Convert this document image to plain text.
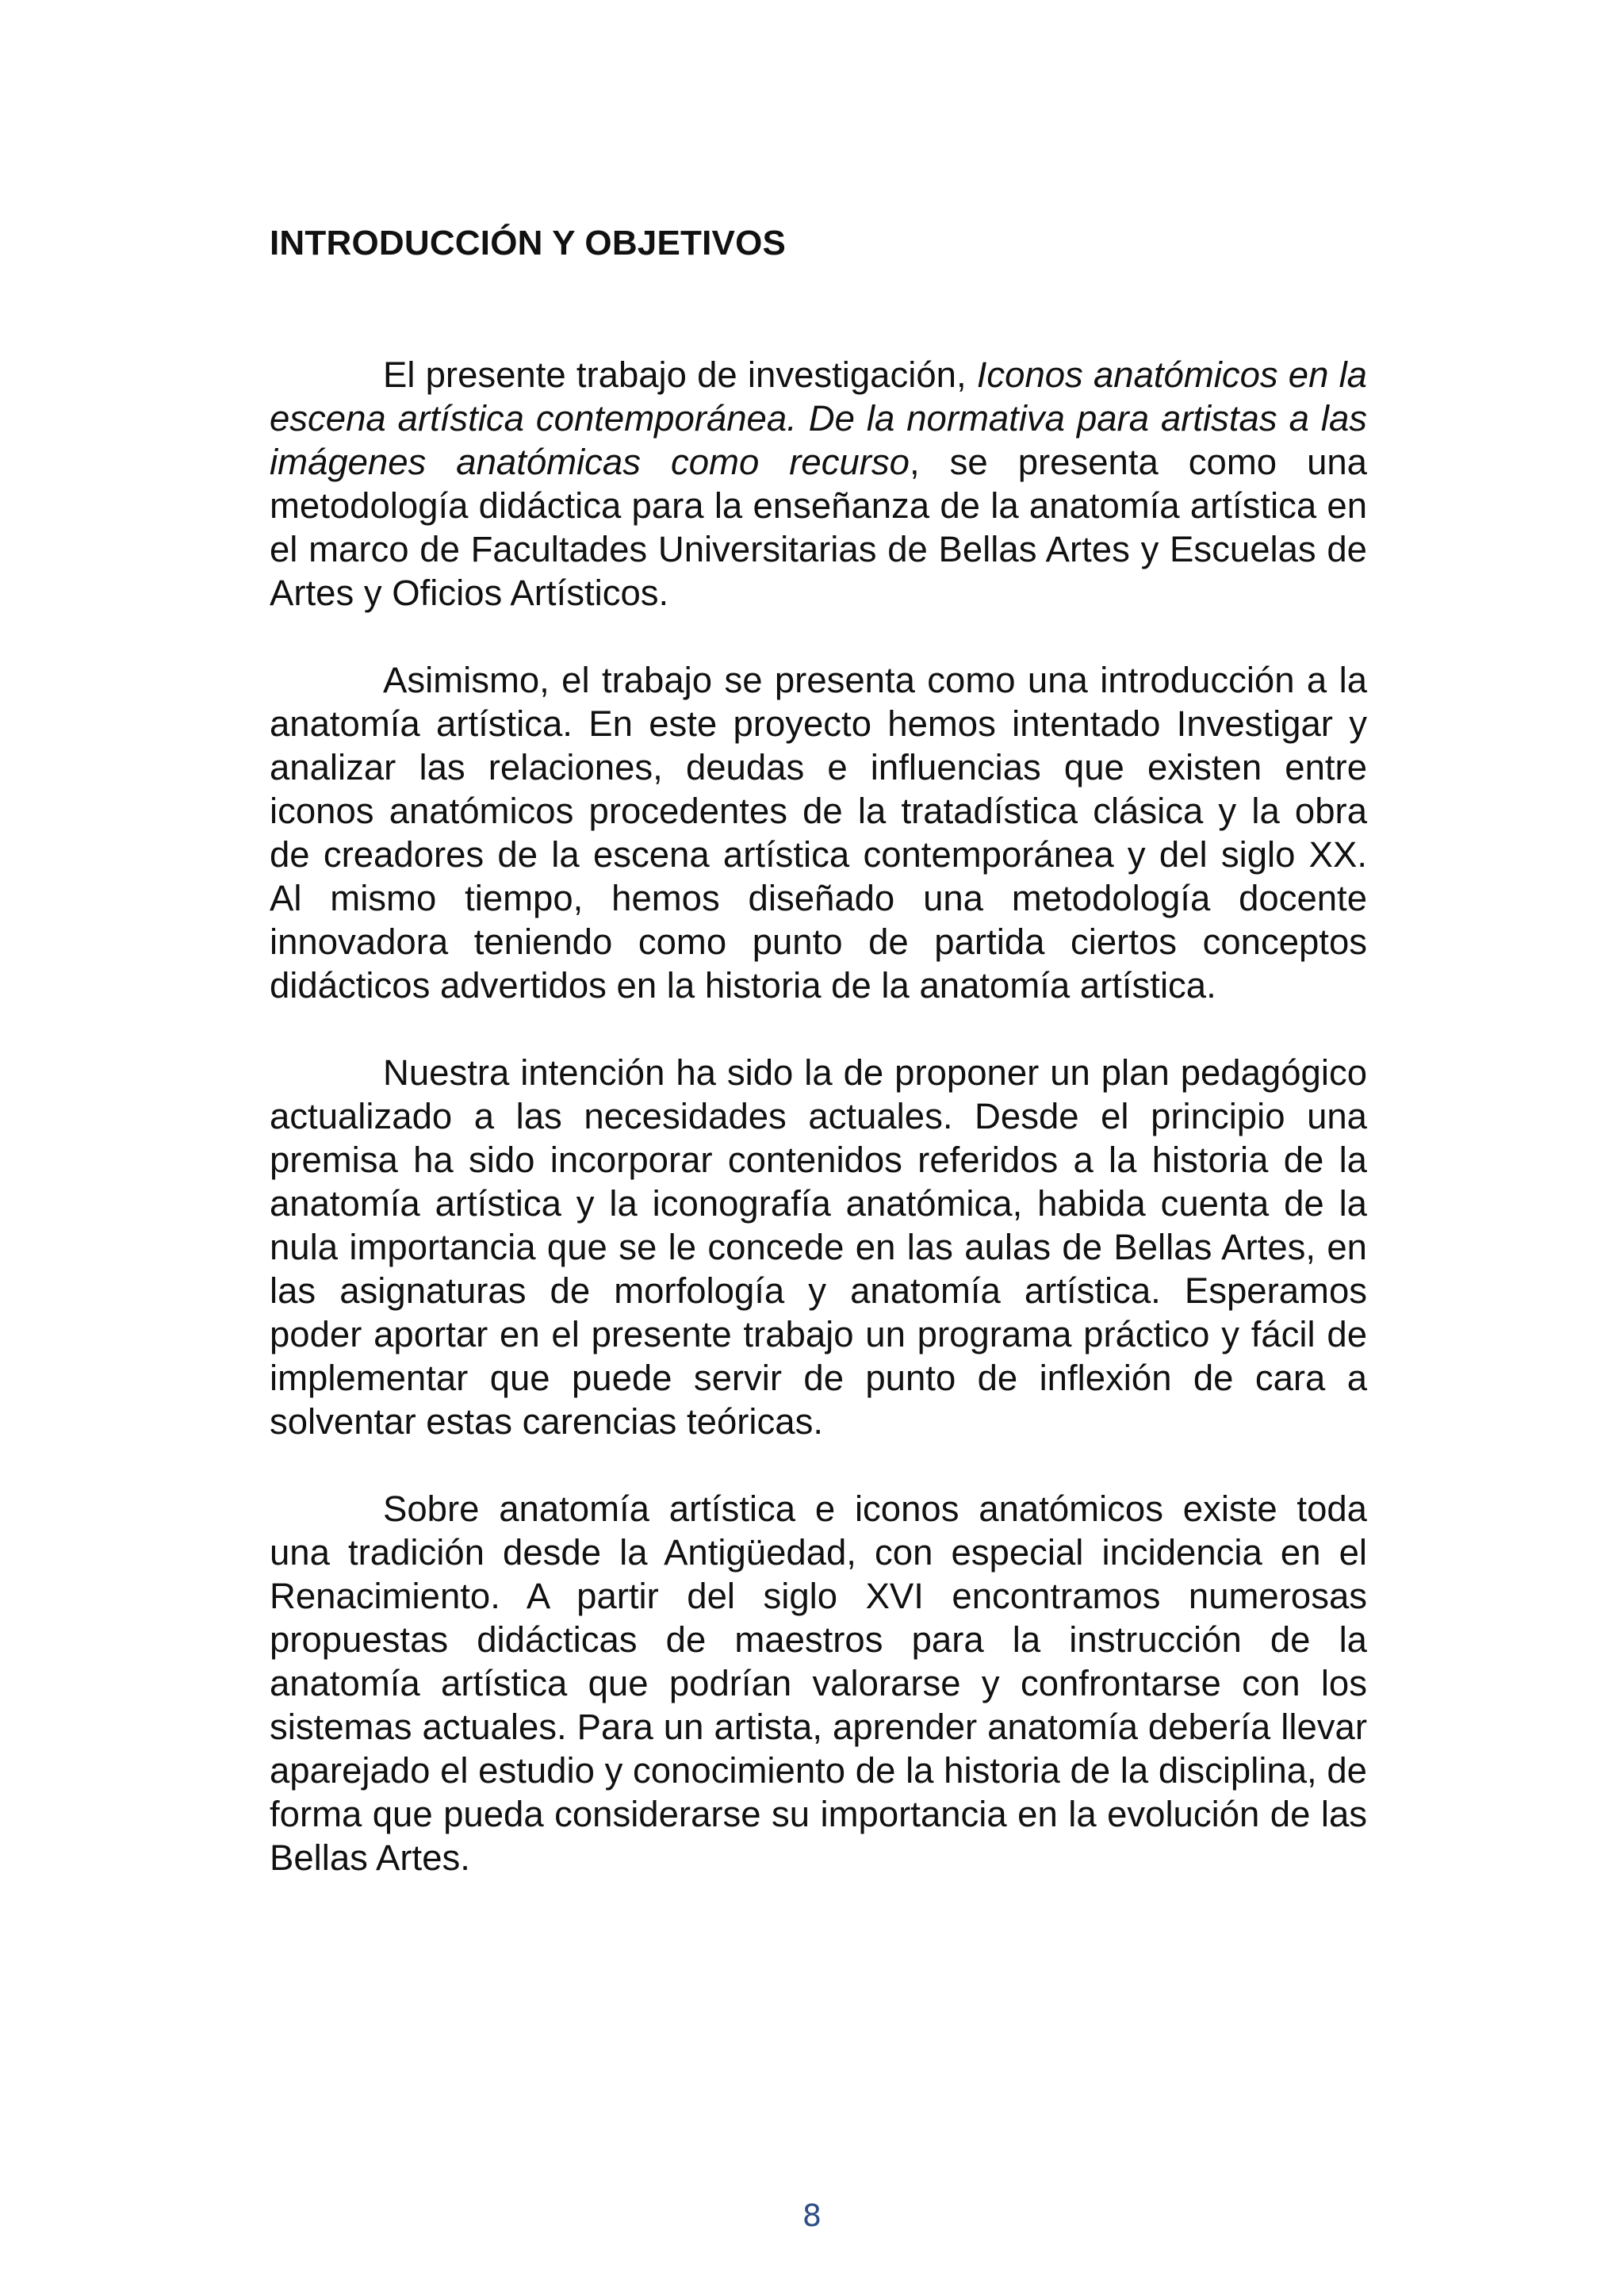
INTRODUCCIÓN Y OBJETIVOS

El presente trabajo de investigación, Iconos anatómicos en la escena artística contemporánea. De la normativa para artistas a las imágenes anatómicas como recurso, se presenta como una metodología didáctica para la enseñanza de la anatomía artística en el marco de Facultades Universitarias de Bellas Artes y Escuelas de Artes y Oficios Artísticos.

Asimismo, el trabajo se presenta como una introducción a la anatomía artística. En este proyecto hemos intentado Investigar y analizar las relaciones, deudas e influencias que existen entre iconos anatómicos procedentes de la tratadística clásica y la obra de creadores de la escena artística contemporánea y del siglo XX. Al mismo tiempo, hemos diseñado una metodología docente innovadora teniendo como punto de partida ciertos conceptos didácticos advertidos en la historia de la anatomía artística.

Nuestra intención ha sido la de proponer un plan pedagógico actualizado a las necesidades actuales. Desde el principio una premisa ha sido incorporar contenidos referidos a la historia de la anatomía artística y la iconografía anatómica, habida cuenta de la nula importancia que se le concede en las aulas de Bellas Artes, en las asignaturas de morfología y anatomía artística. Esperamos poder aportar en el presente trabajo un programa práctico y fácil de implementar que puede servir de punto de inflexión de cara a solventar estas carencias teóricas.

Sobre anatomía artística e iconos anatómicos existe toda una tradición desde la Antigüedad, con especial incidencia en el Renacimiento. A partir del siglo XVI encontramos numerosas propuestas didácticas de maestros para la instrucción de la anatomía artística que podrían valorarse y confrontarse con los sistemas actuales. Para un artista, aprender anatomía debería llevar aparejado el estudio y conocimiento de la historia de la disciplina, de forma que pueda considerarse su importancia en la evolución de las Bellas Artes.

8
